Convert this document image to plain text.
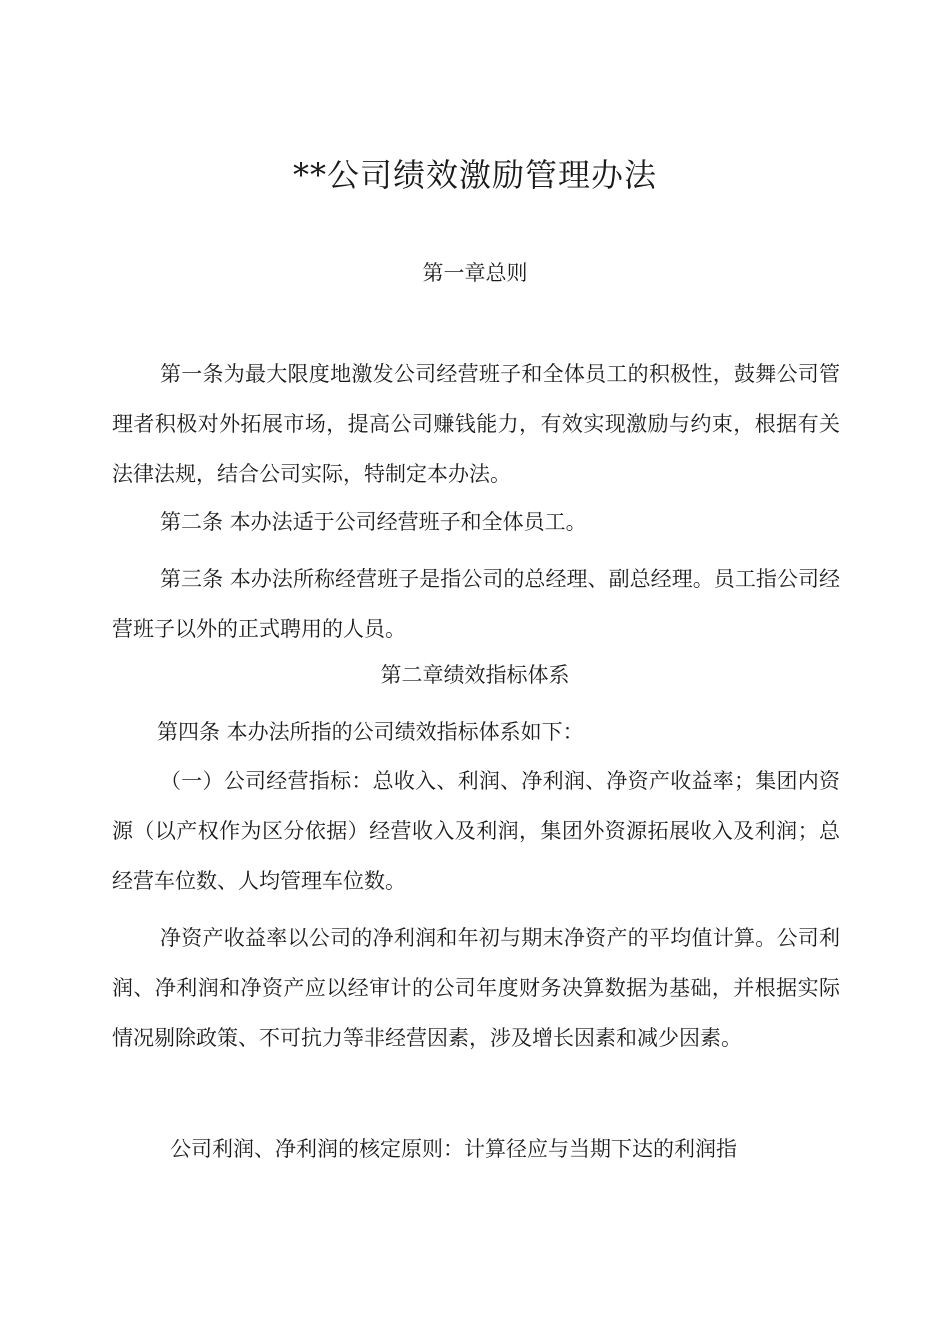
**公司绩效激励管理办法
第一章总则

第一条为最大限度地激发公司经营班子和全体员工的积极性，鼓舞公司管理者积极对外拓展市场，提高公司赚钱能力，有效实现激励与约束，根据有关法律法规，结合公司实际，特制定本办法。

第二条 本办法适于公司经营班子和全体员工。

第三条 本办法所称经营班子是指公司的总经理、副总经理。员工指公司经营班子以外的正式聘用的人员。

第二章绩效指标体系
第四条 本办法所指的公司绩效指标体系如下：

（一）公司经营指标：总收入、利润、净利润、净资产收益率；集团内资源（以产权作为区分依据）经营收入及利润，集团外资源拓展收入及利润；总经营车位数、人均管理车位数。

净资产收益率以公司的净利润和年初与期末净资产的平均值计算。公司利润、净利润和净资产应以经审计的公司年度财务决算数据为基础，并根据实际情况剔除政策、不可抗力等非经营因素，涉及增长因素和减少因素。

公司利润、净利润的核定原则：计算径应与当期下达的利润指
